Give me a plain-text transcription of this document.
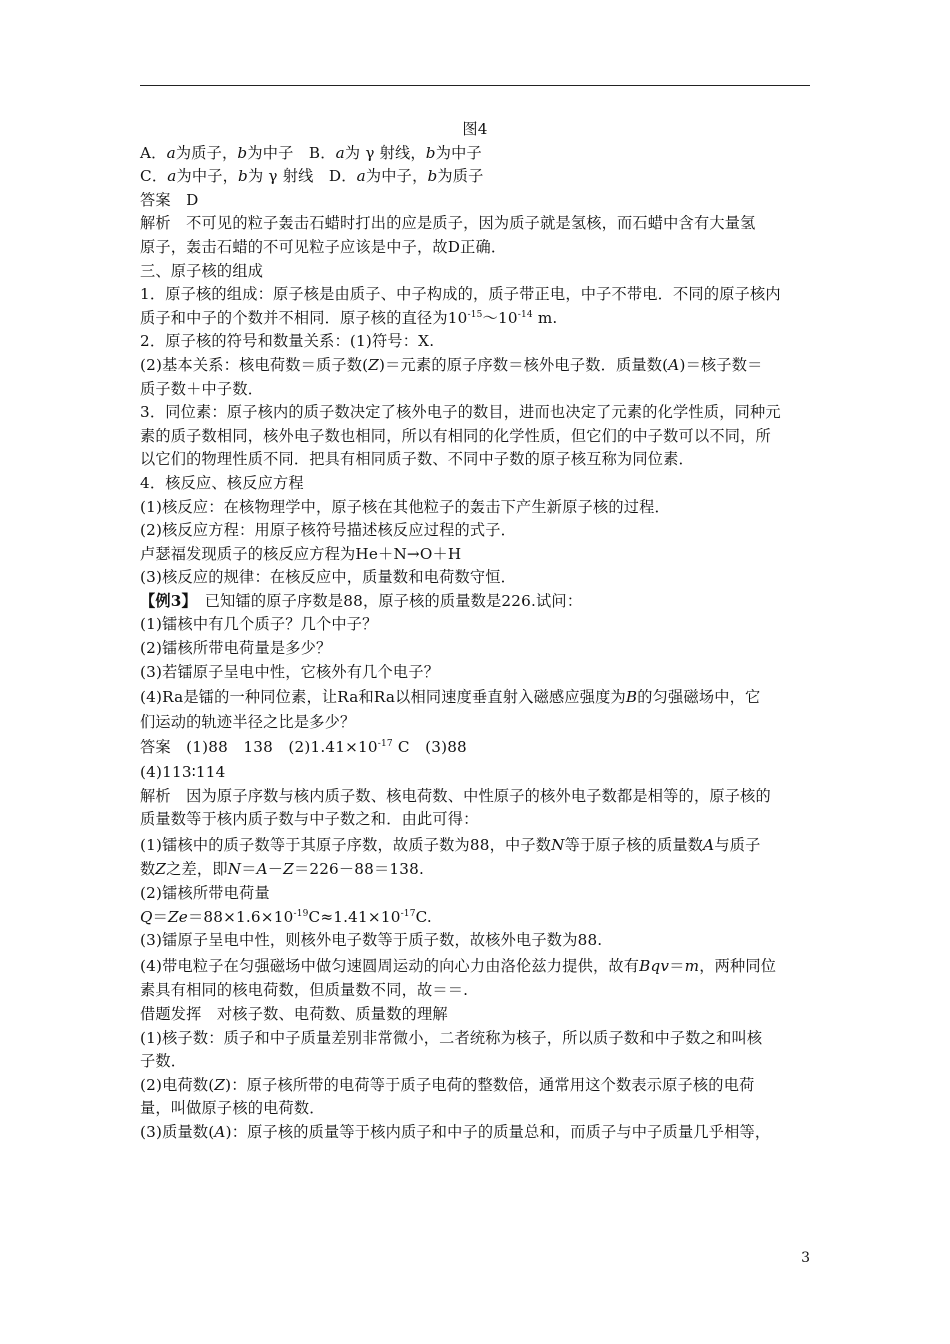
图4
A．a为质子，b为中子　B．a为 γ 射线，b为中子
C．a为中子，b为 γ 射线　D．a为中子，b为质子
答案　D
解析　不可见的粒子轰击石蜡时打出的应是质子，因为质子就是氢核，而石蜡中含有大量氢
原子，轰击石蜡的不可见粒子应该是中子，故D正确．
三、原子核的组成
1．原子核的组成：原子核是由质子、中子构成的，质子带正电，中子不带电．不同的原子核内
质子和中子的个数并不相同．原子核的直径为$10^{-15}\sim 10^{-14}$ m.
2．原子核的符号和数量关系：(1)符号：X.
(2)基本关系：核电荷数＝质子数(Z)＝元素的原子序数＝核外电子数．质量数(A)＝核子数＝
质子数＋中子数．
3．同位素：原子核内的质子数决定了核外电子的数目，进而也决定了元素的化学性质，同种元
素的质子数相同，核外电子数也相同，所以有相同的化学性质，但它们的中子数可以不同，所
以它们的物理性质不同．把具有相同质子数、不同中子数的原子核互称为同位素．
4．核反应、核反应方程
(1)核反应：在核物理学中，原子核在其他粒子的轰击下产生新原子核的过程．
(2)核反应方程：用原子核符号描述核反应过程的式子．
卢瑟福发现质子的核反应方程为He＋N→O＋H
(3)核反应的规律：在核反应中，质量数和电荷数守恒．
【例3】　已知镭的原子序数是88，原子核的质量数是226.试问：
(1)镭核中有几个质子？几个中子？
(2)镭核所带电荷量是多少？
(3)若镭原子呈电中性，它核外有几个电子？
(4)Ra是镭的一种同位素，让Ra和Ra以相同速度垂直射入磁感应强度为B的匀强磁场中，它
们运动的轨迹半径之比是多少？
答案　(1)88　138　$(2)1.41\times 10^{-17}$ C　(3)88
(4)113∶114
解析　因为原子序数与核内质子数、核电荷数、中性原子的核外电子数都是相等的，原子核的
质量数等于核内质子数与中子数之和．由此可得：
(1)镭核中的质子数等于其原子序数，故质子数为88，中子数N等于原子核的质量数A与质子
数Z之差，即N＝A－Z＝226－88＝138.
(2)镭核所带电荷量
$Q=Ze=88\times 1.6\times 10^{-19}C\approx 1.41\times 10^{-17}C$.
(3)镭原子呈电中性，则核外电子数等于质子数，故核外电子数为88.
(4)带电粒子在匀强磁场中做匀速圆周运动的向心力由洛伦兹力提供，故有Bqv＝m，两种同位
素具有相同的核电荷数，但质量数不同，故＝＝.
借题发挥　对核子数、电荷数、质量数的理解
(1)核子数：质子和中子质量差别非常微小，二者统称为核子，所以质子数和中子数之和叫核
子数．
(2)电荷数(Z)：原子核所带的电荷等于质子电荷的整数倍，通常用这个数表示原子核的电荷
量，叫做原子核的电荷数．
(3)质量数(A)：原子核的质量等于核内质子和中子的质量总和，而质子与中子质量几乎相等，
3
